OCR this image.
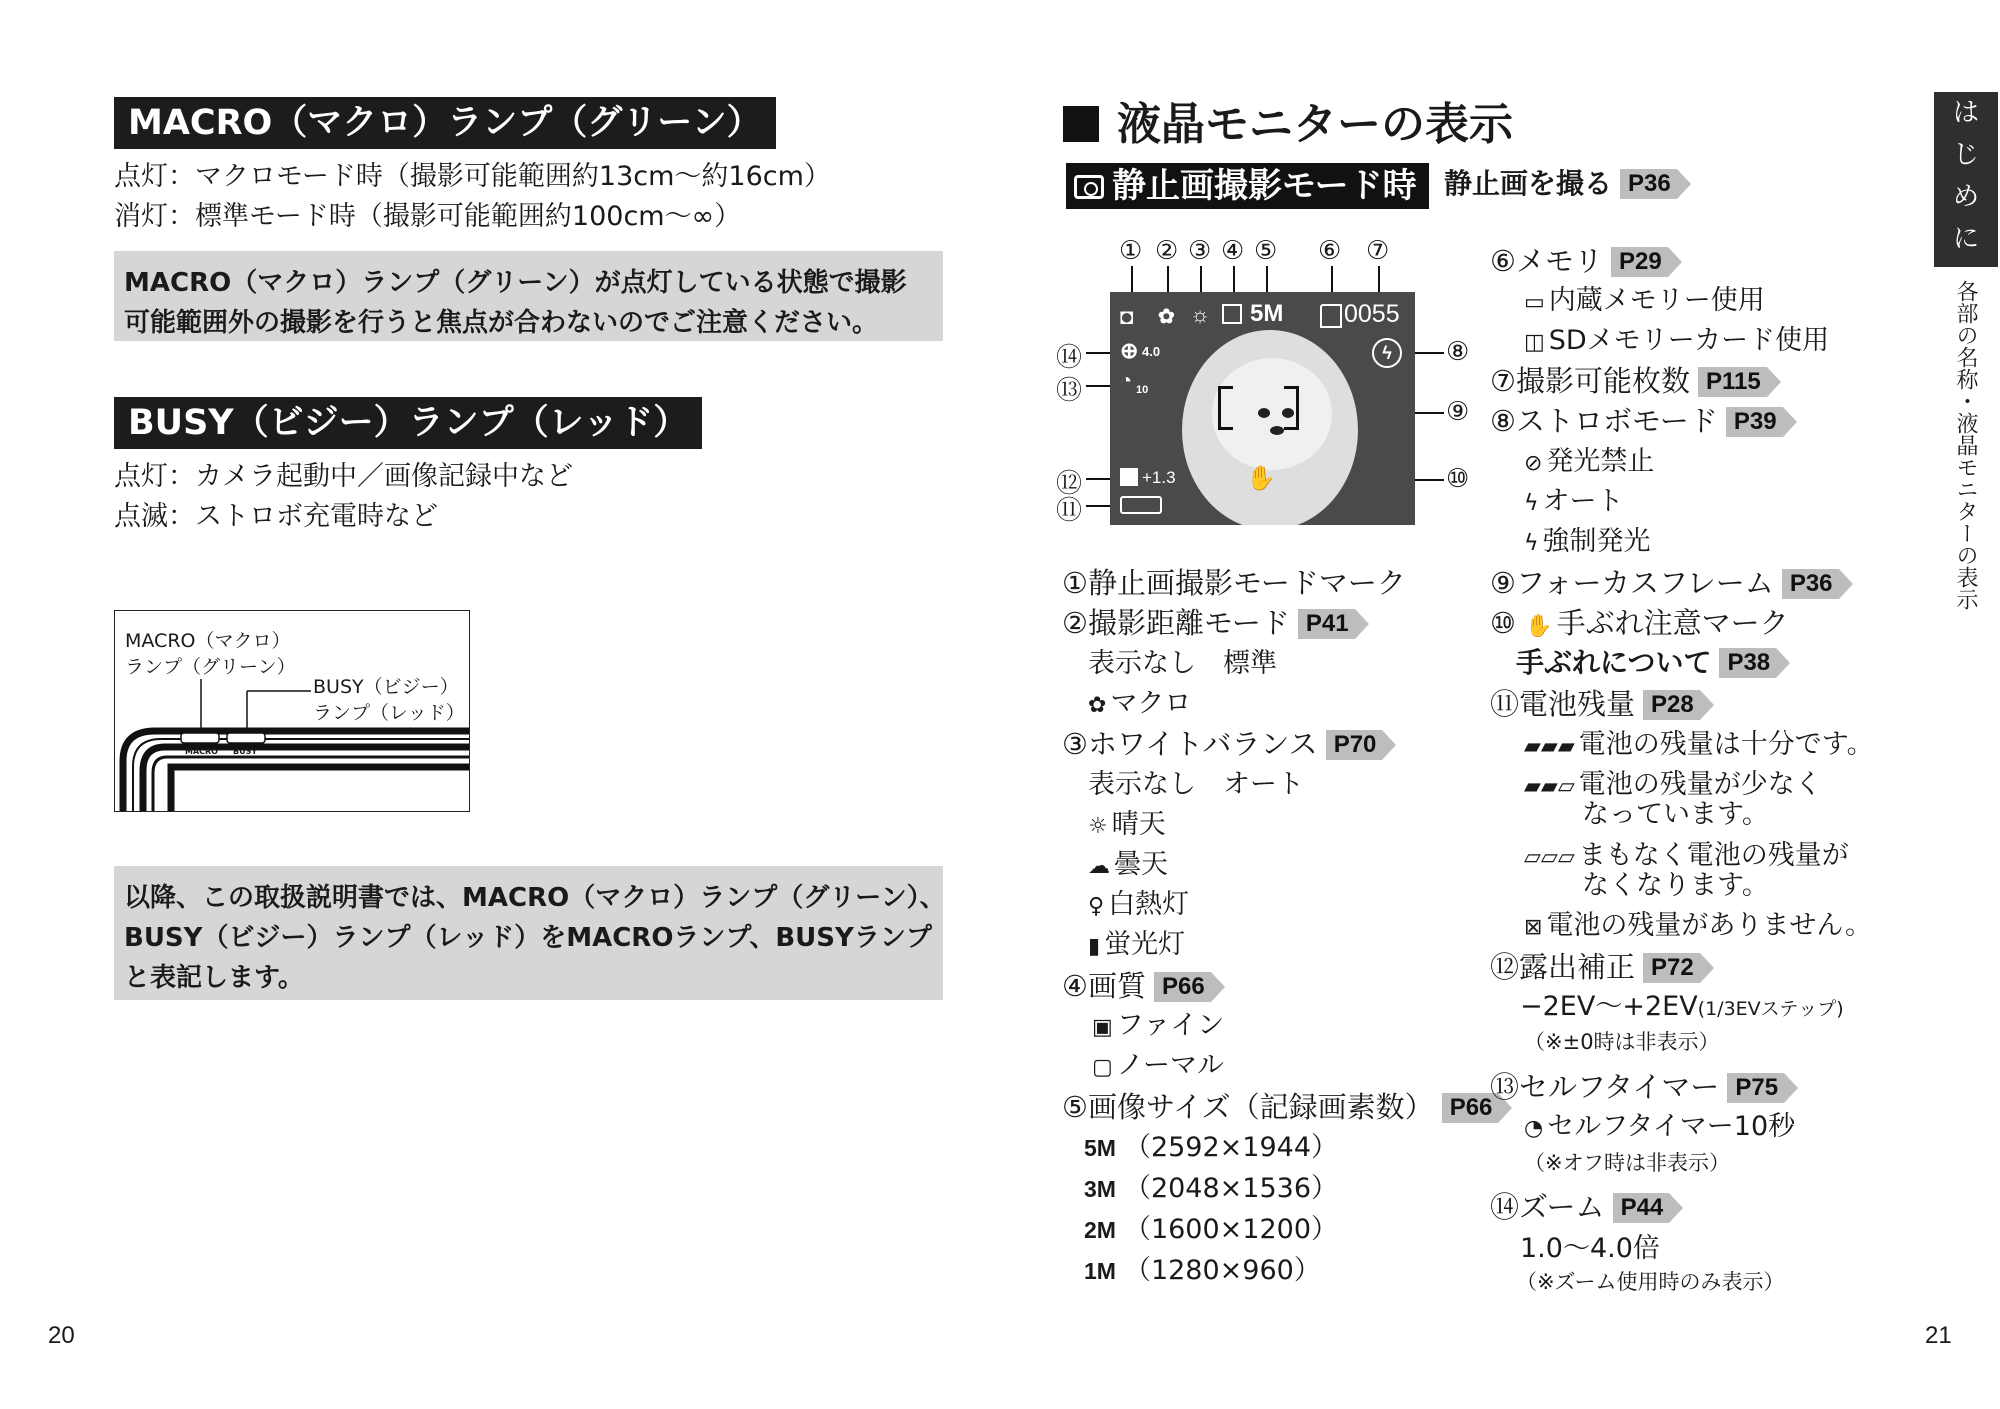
MACRO（マクロ）ランプ（グリーン）
点灯：マクロモード時（撮影可能範囲約13cm〜約16cm）
消灯：標準モード時（撮影可能範囲約100cm〜∞）
MACRO（マクロ）ランプ（グリーン）が点灯している状態で撮影
可能範囲外の撮影を行うと焦点が合わないのでご注意ください。
BUSY（ビジー）ランプ（レッド）
点灯：カメラ起動中／画像記録中など
点滅：ストロボ充電時など
MACRO（マクロ）
ランプ（グリーン）
BUSY（ビジー）
ランプ（レッド）
MACRO BUSY
以降、この取扱説明書では、MACRO（マクロ）ランプ（グリーン）、
BUSY（ビジー）ランプ（レッド）をMACROランプ、BUSYランプ
と表記します。
20
液晶モニターの表示
静止画撮影モード時 静止画を撮る P36
① ② ③ ④ ⑤ ⑥ ⑦
⑭
⑬
⑫
⑪
⑧
⑨
⑩
◘ ✿ ☼ 5M 0055
ϟ
⊕ 4.0
◔ 10
✋
+1.3
①静止画撮影モードマーク
②撮影距離モード P41
表示なし　標準
✿ マクロ
③ホワイトバランス P70
表示なし　オート
☼ 晴天
☁ 曇天
♀ 白熱灯
▮ 蛍光灯
④画質 P66
▣ ファイン
▢ ノーマル
⑤画像サイズ（記録画素数） P66
5M （2592×1944）
3M （2048×1536）
2M （1600×1200）
1M （1280×960）
⑥メモリ P29
▭ 内蔵メモリー使用
◫ SDメモリーカード使用
⑦撮影可能枚数 P115
⑧ストロボモード P39
⊘ 発光禁止
ϟ オート
ϟ 強制発光
⑨フォーカスフレーム P36
⑩ ✋ 手ぶれ注意マーク
手ぶれについて P38
⑪電池残量 P28
▰▰▰ 電池の残量は十分です。
▰▰▱ 電池の残量が少なく
なっています。
▱▱▱ まもなく電池の残量が
なくなります。
⊠ 電池の残量がありません。
⑫露出補正 P72
−2EV〜+2EV(1/3EVステップ)
（※±0時は非表示）
⑬セルフタイマー P75
◔ セルフタイマー10秒
（※オフ時は非表示）
⑭ズーム P44
1.0〜4.0倍
（※ズーム使用時のみ表示）
は
じ
め
に
各部の名称・液晶モニターの表示
21
